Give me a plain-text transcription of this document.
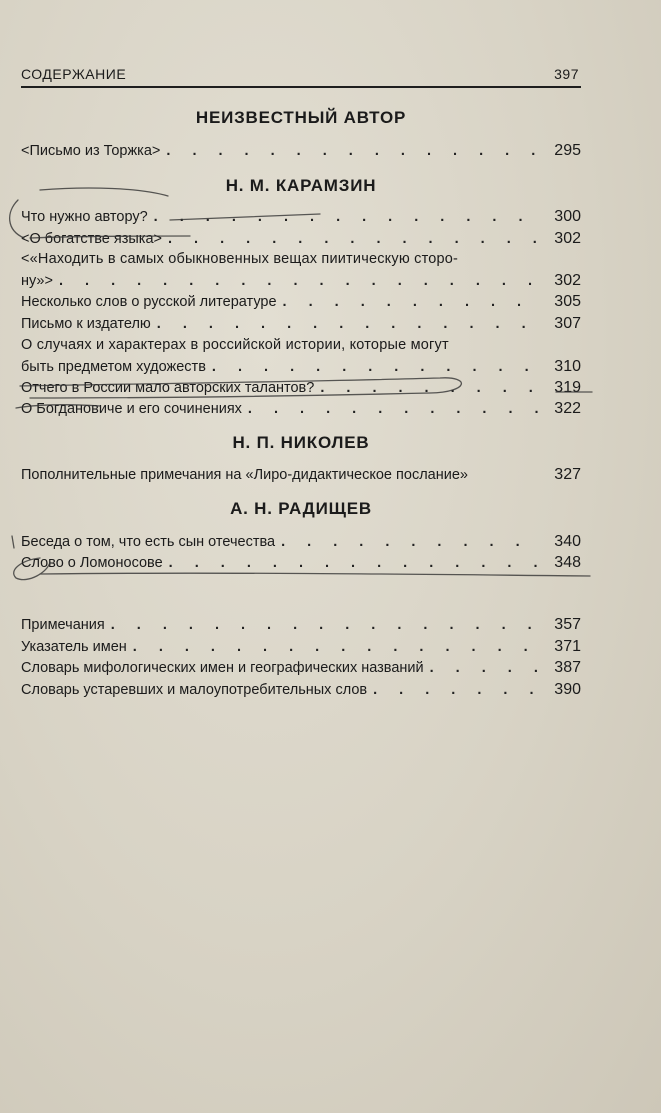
СОДЕРЖАНИЕ	397
НЕИЗВЕСТНЫЙ АВТОР
<Письмо из Торжка> . . .	295
Н. М. КАРАМЗИН
Что нужно автору? . . .	300
<О богатстве языка> . . .	302
<«Находить в самых обыкновенных вещах пиитическую сторо-
ну»> . . .	302
Несколько слов о русской литературе . . .	305
Письмо к издателю . . .	307
О случаях и характерах в российской истории, которые могут
быть предметом художеств . . .	310
Отчего в России мало авторских талантов? . . .	319
О Богдановиче и его сочинениях . . .	322
Н. П. НИКОЛЕВ
Пополнительные примечания на «Лиро-дидактическое послание»	327
А. Н. РАДИЩЕВ
Беседа о том, что есть сын отечества . . .	340
Слово о Ломоносове . . .	348
Примечания . . .	357
Указатель имен . . .	371
Словарь мифологических имен и географических названий . . .	387
Словарь устаревших и малоупотребительных слов . . .	390
